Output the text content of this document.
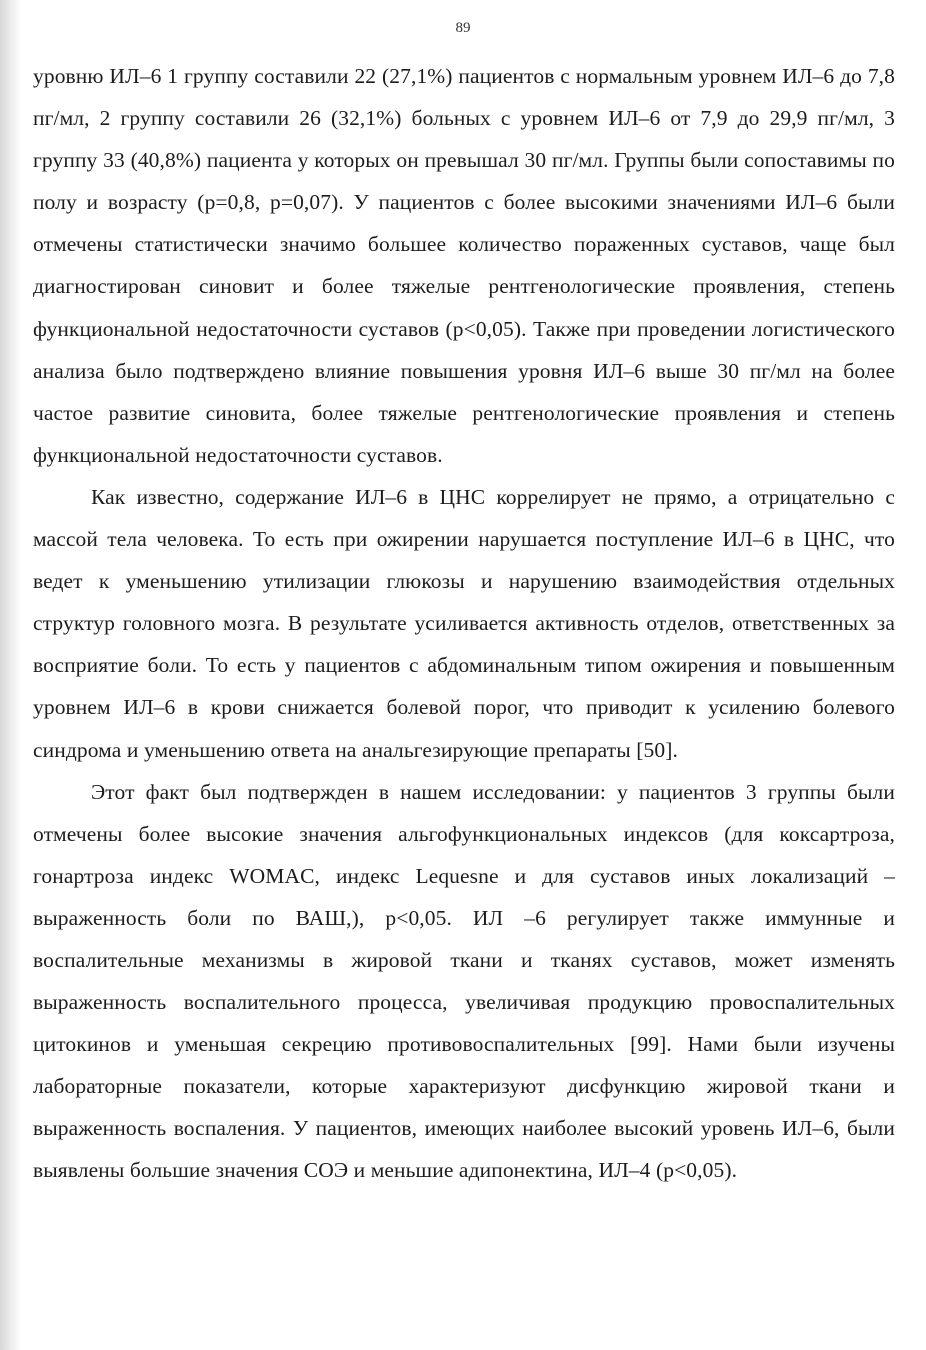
89

уровню ИЛ–6 1 группу составили 22 (27,1%) пациентов с нормальным уровнем ИЛ–6 до 7,8 пг/мл, 2 группу составили 26 (32,1%) больных с уровнем ИЛ–6 от 7,9 до 29,9 пг/мл, 3 группу 33 (40,8%) пациента у которых он превышал 30 пг/мл. Группы были сопоставимы по полу и возрасту (p=0,8, p=0,07). У пациентов с более высокими значениями ИЛ–6 были отмечены статистически значимо большее количество пораженных суставов, чаще был диагностирован синовит и более тяжелые рентгенологические проявления, степень функциональной недостаточности суставов (p<0,05). Также при проведении логистического анализа было подтверждено влияние повышения уровня ИЛ–6 выше 30 пг/мл на более частое развитие синовита, более тяжелые рентгенологические проявления и степень функциональной недостаточности суставов.

Как известно, содержание ИЛ–6 в ЦНС коррелирует не прямо, а отрицательно с массой тела человека. То есть при ожирении нарушается поступление ИЛ–6 в ЦНС, что ведет к уменьшению утилизации глюкозы и нарушению взаимодействия отдельных структур головного мозга. В результате усиливается активность отделов, ответственных за восприятие боли. То есть у пациентов с абдоминальным типом ожирения и повышенным уровнем ИЛ–6 в крови снижается болевой порог, что приводит к усилению болевого синдрома и уменьшению ответа на анальгезирующие препараты [50].

Этот факт был подтвержден в нашем исследовании: у пациентов 3 группы были отмечены более высокие значения альгофункциональных индексов (для коксартроза, гонартроза индекс WOMAC, индекс Lequesne и для суставов иных локализаций – выраженность боли по ВАШ,), p<0,05. ИЛ –6 регулирует также иммунные и воспалительные механизмы в жировой ткани и тканях суставов, может изменять выраженность воспалительного процесса, увеличивая продукцию провоспалительных цитокинов и уменьшая секрецию противовоспалительных [99]. Нами были изучены лабораторные показатели, которые характеризуют дисфункцию жировой ткани и выраженность воспаления. У пациентов, имеющих наиболее высокий уровень ИЛ–6, были выявлены большие значения СОЭ и меньшие адипонектина, ИЛ–4 (p<0,05).
